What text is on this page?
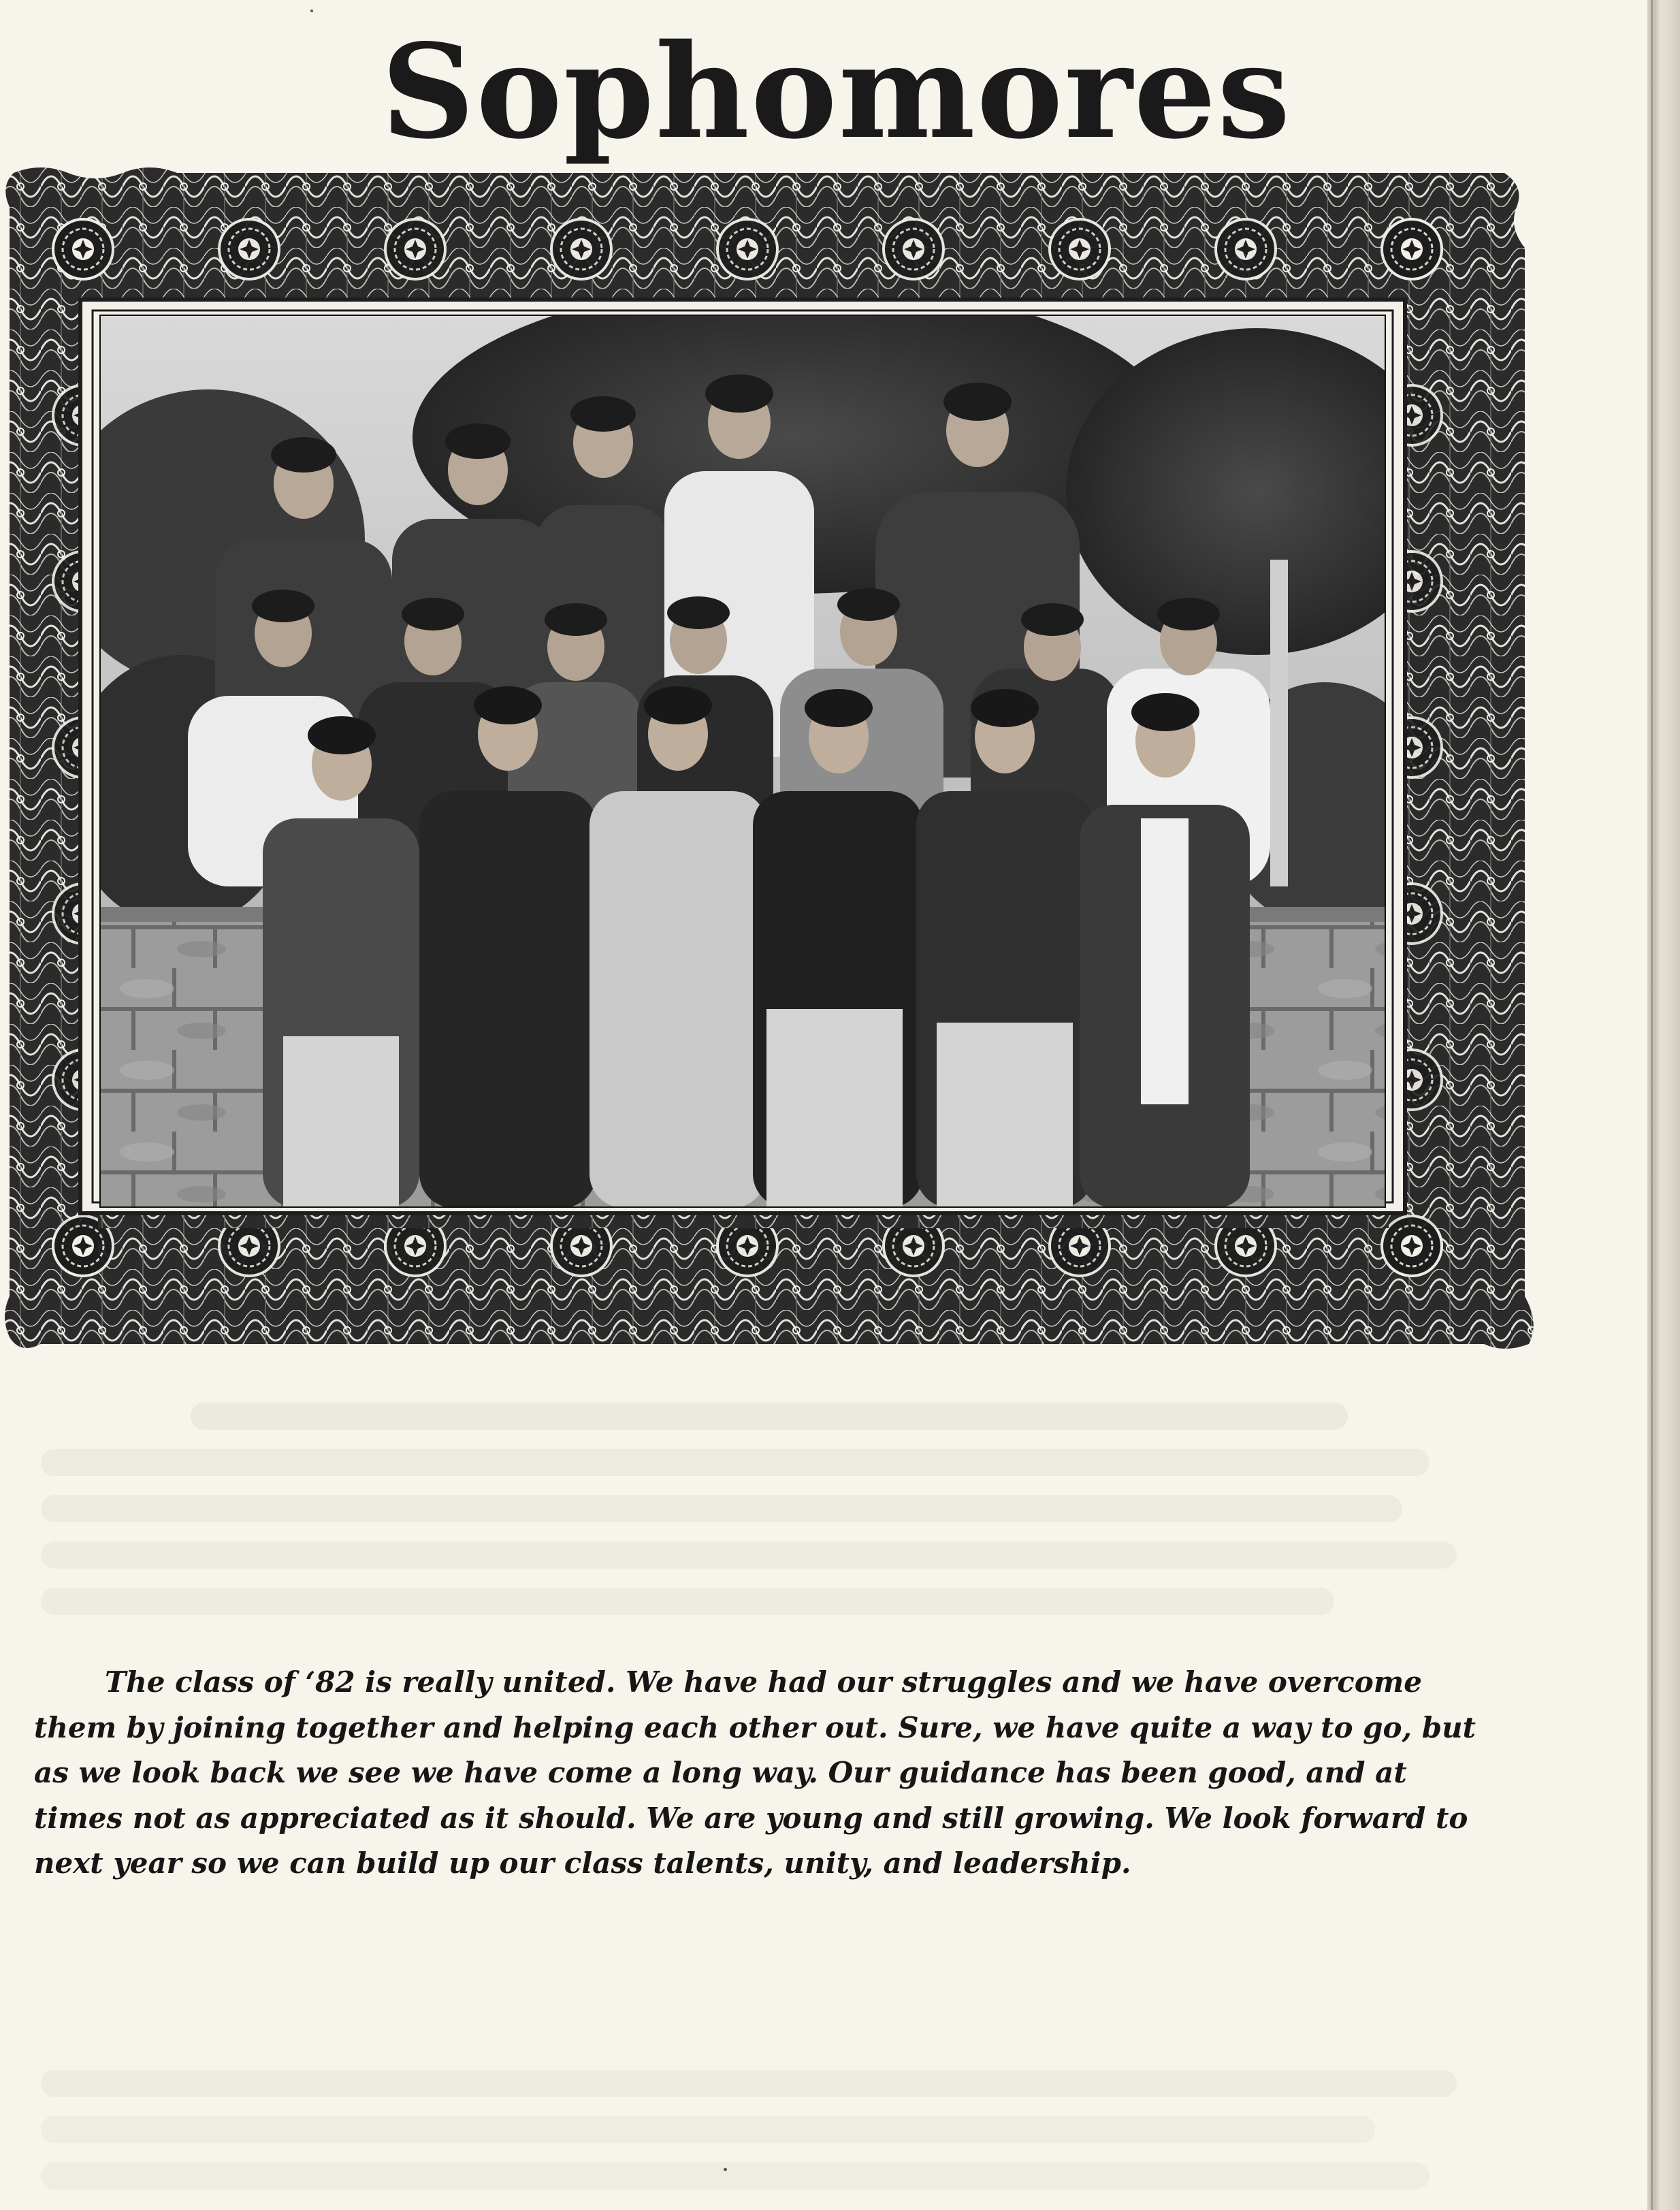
Sophomores

The class of ‘82 is really united. We have had our struggles and we have overcome them by joining together and helping each other out. Sure, we have quite a way to go, but as we look back we see we have come a long way. Our guidance has been good, and at times not as appreciated as it should. We are young and still growing. We look forward to next year so we can build up our class talents, unity, and leadership.
